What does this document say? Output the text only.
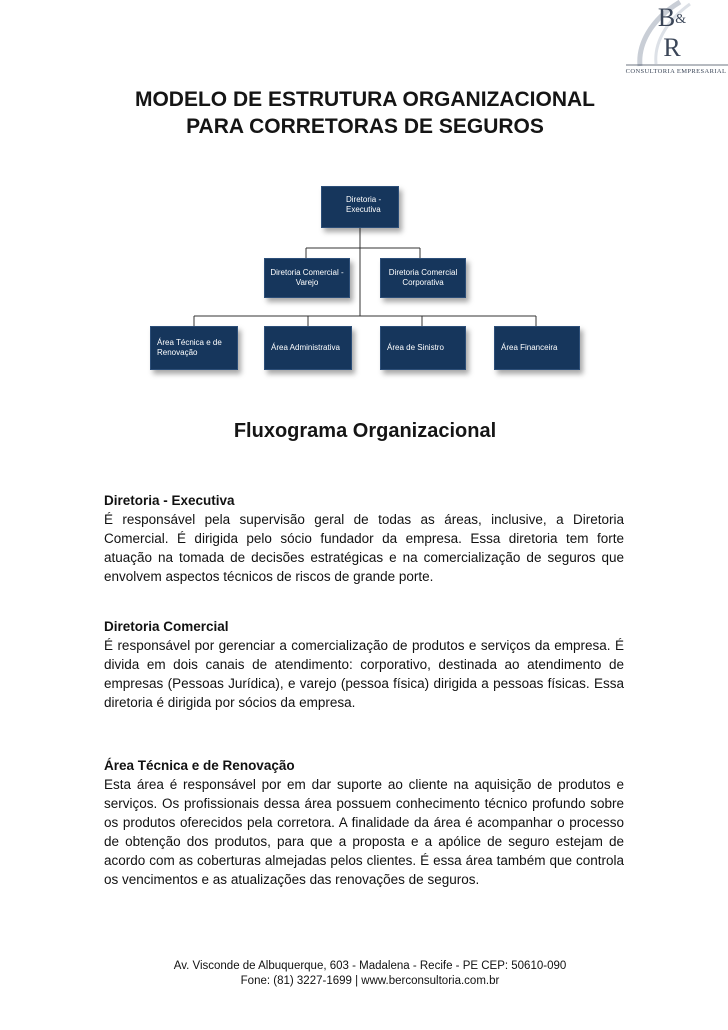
B&
R
CONSULTORIA EMPRESARIAL
MODELO DE ESTRUTURA ORGANIZACIONAL
PARA CORRETORAS DE SEGUROS
Diretoria - Executiva
Diretoria Comercial - Varejo
Diretoria Comercial Corporativa
Área Técnica e de Renovação
Área Administrativa	Área de Sinistro	Área Financeira
Fluxograma Organizacional
Diretoria - Executiva

É responsável pela supervisão geral de todas as áreas, inclusive, a Diretoria Comercial. É dirigida pelo sócio fundador da empresa. Essa diretoria tem forte atuação na tomada de decisões estratégicas e na comercialização de seguros que envolvem aspectos técnicos de riscos de grande porte.

Diretoria Comercial

É responsável por gerenciar a comercialização de produtos e serviços da empresa. É divida em dois canais de atendimento: corporativo, destinada ao atendimento de empresas (Pessoas Jurídica), e varejo (pessoa física) dirigida a pessoas físicas. Essa diretoria é dirigida por sócios da empresa.

Área Técnica e de Renovação

Esta área é responsável por em dar suporte ao cliente na aquisição de produtos e serviços. Os profissionais dessa área possuem conhecimento técnico profundo sobre os produtos oferecidos pela corretora. A finalidade da área é acompanhar o processo de obtenção dos produtos, para que a proposta e a apólice de seguro estejam de acordo com as coberturas almejadas pelos clientes. É essa área também que controla os vencimentos e as atualizações das renovações de seguros.

Av. Visconde de Albuquerque, 603 - Madalena - Recife - PE CEP: 50610-090
Fone: (81) 3227-1699 | www.berconsultoria.com.br
